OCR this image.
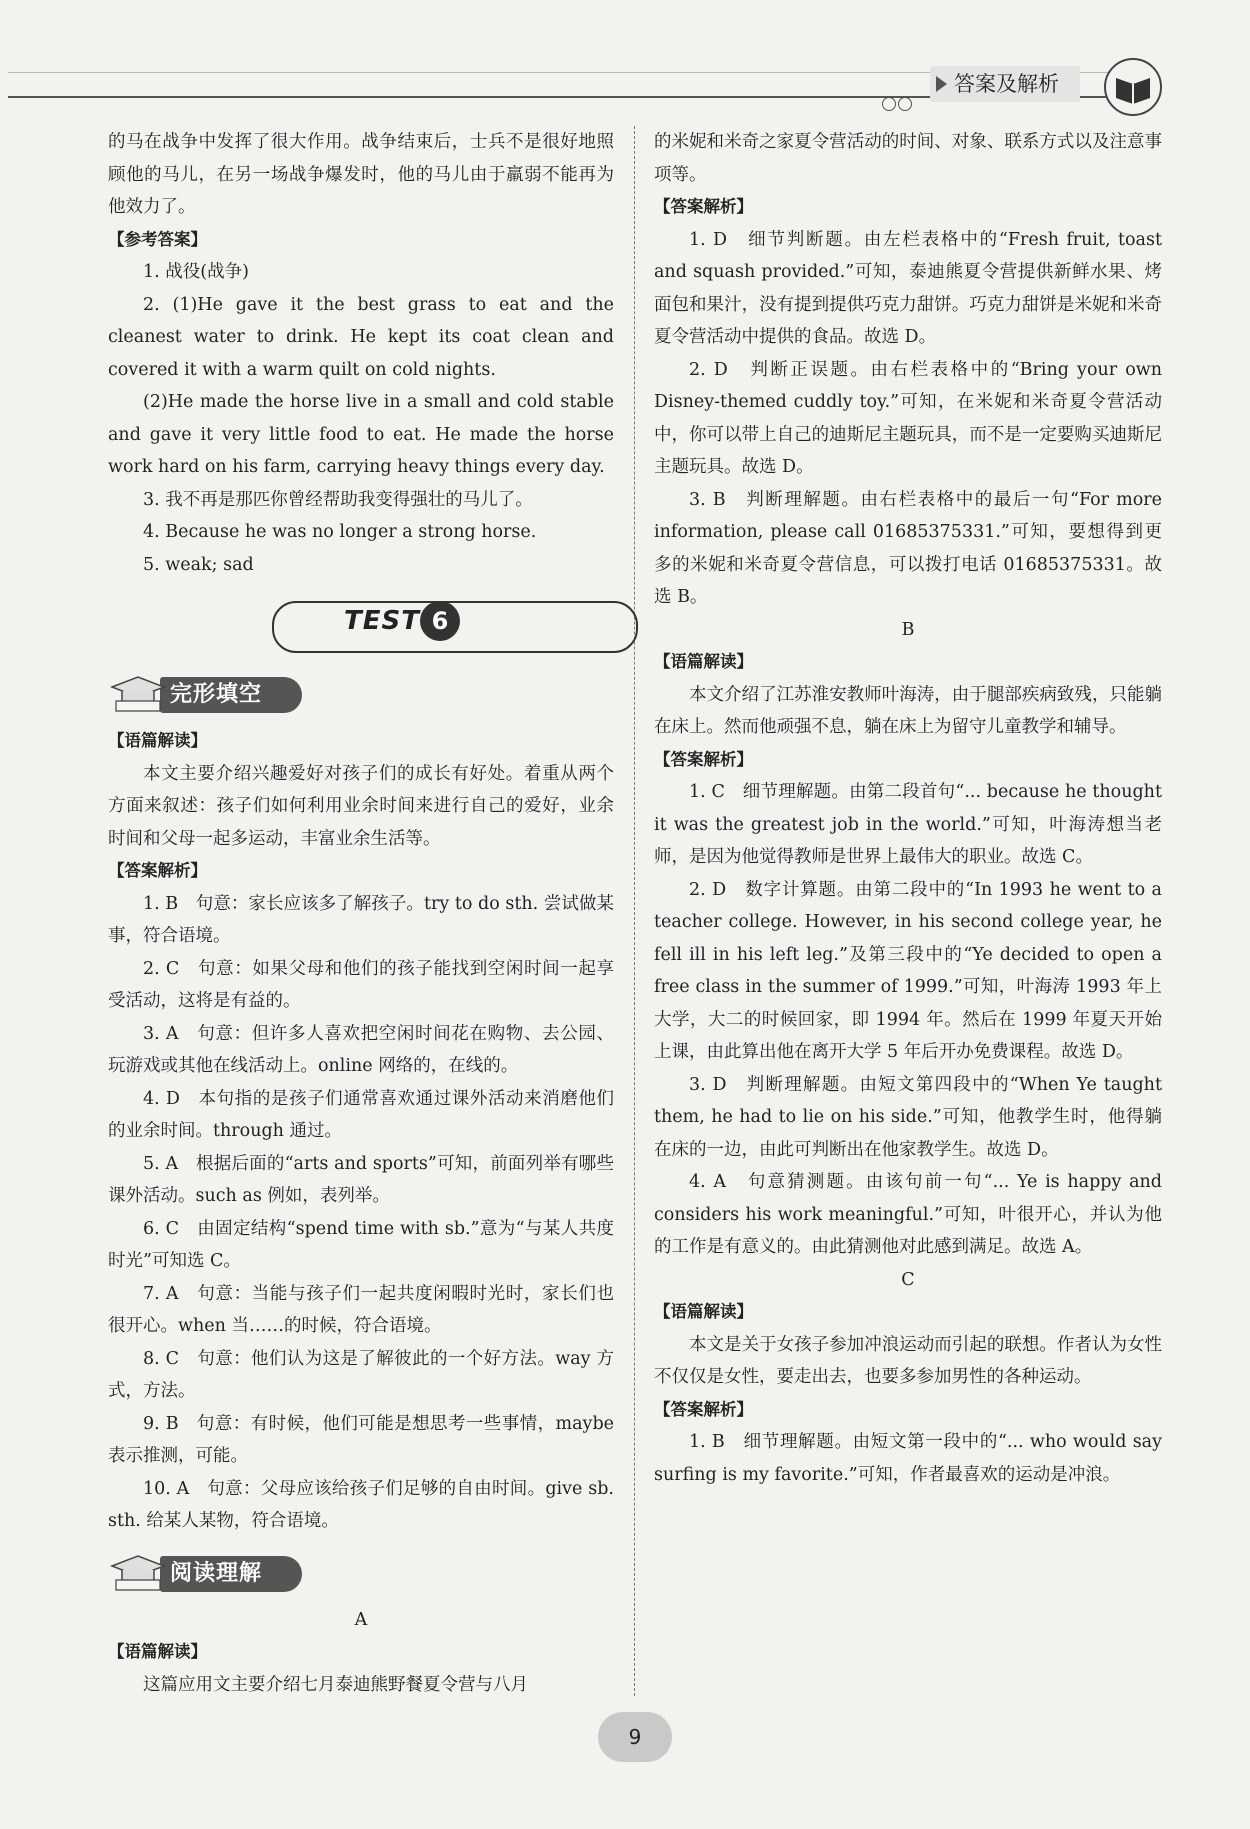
答案及解析

的马在战争中发挥了很大作用。战争结束后，士兵不是很好地照顾他的马儿，在另一场战争爆发时，他的马儿由于羸弱不能再为他效力了。

【参考答案】

1. 战役(战争)

2. (1)He gave it the best grass to eat and the cleanest water to drink. He kept its coat clean and covered it with a warm quilt on cold nights.

(2)He made the horse live in a small and cold stable and gave it very little food to eat. He made the horse work hard on his farm, carrying heavy things every day.

3. 我不再是那匹你曾经帮助我变得强壮的马儿了。

4. Because he was no longer a strong horse.

5. weak; sad

TEST 6
完形填空

【语篇解读】

本文主要介绍兴趣爱好对孩子们的成长有好处。着重从两个方面来叙述：孩子们如何利用业余时间来进行自己的爱好，业余时间和父母一起多运动，丰富业余生活等。

【答案解析】

1. B　句意：家长应该多了解孩子。try to do sth. 尝试做某事，符合语境。

2. C　句意：如果父母和他们的孩子能找到空闲时间一起享受活动，这将是有益的。

3. A　句意：但许多人喜欢把空闲时间花在购物、去公园、玩游戏或其他在线活动上。online 网络的，在线的。

4. D　本句指的是孩子们通常喜欢通过课外活动来消磨他们的业余时间。through 通过。

5. A　根据后面的“arts and sports”可知，前面列举有哪些课外活动。such as 例如，表列举。

6. C　由固定结构“spend time with sb.”意为“与某人共度时光”可知选 C。

7. A　句意：当能与孩子们一起共度闲暇时光时，家长们也很开心。when 当……的时候，符合语境。

8. C　句意：他们认为这是了解彼此的一个好方法。way 方式，方法。

9. B　句意：有时候，他们可能是想思考一些事情，maybe 表示推测，可能。

10. A　句意：父母应该给孩子们足够的自由时间。give sb. sth. 给某人某物，符合语境。

阅读理解

A

【语篇解读】

这篇应用文主要介绍七月泰迪熊野餐夏令营与八月

的米妮和米奇之家夏令营活动的时间、对象、联系方式以及注意事项等。

【答案解析】

1. D　细节判断题。由左栏表格中的“Fresh fruit, toast and squash provided.”可知，泰迪熊夏令营提供新鲜水果、烤面包和果汁，没有提到提供巧克力甜饼。巧克力甜饼是米妮和米奇夏令营活动中提供的食品。故选 D。

2. D　判断正误题。由右栏表格中的“Bring your own Disney-themed cuddly toy.”可知，在米妮和米奇夏令营活动中，你可以带上自己的迪斯尼主题玩具，而不是一定要购买迪斯尼主题玩具。故选 D。

3. B　判断理解题。由右栏表格中的最后一句“For more information, please call 01685375331.”可知，要想得到更多的米妮和米奇夏令营信息，可以拨打电话 01685375331。故选 B。

B

【语篇解读】

本文介绍了江苏淮安教师叶海涛，由于腿部疾病致残，只能躺在床上。然而他顽强不息，躺在床上为留守儿童教学和辅导。

【答案解析】

1. C　细节理解题。由第二段首句“... because he thought it was the greatest job in the world.”可知，叶海涛想当老师，是因为他觉得教师是世界上最伟大的职业。故选 C。

2. D　数字计算题。由第二段中的“In 1993 he went to a teacher college. However, in his second college year, he fell ill in his left leg.”及第三段中的“Ye decided to open a free class in the summer of 1999.”可知，叶海涛 1993 年上大学，大二的时候回家，即 1994 年。然后在 1999 年夏天开始上课，由此算出他在离开大学 5 年后开办免费课程。故选 D。

3. D　判断理解题。由短文第四段中的“When Ye taught them, he had to lie on his side.”可知，他教学生时，他得躺在床的一边，由此可判断出在他家教学生。故选 D。

4. A　句意猜测题。由该句前一句“... Ye is happy and considers his work meaningful.”可知，叶很开心，并认为他的工作是有意义的。由此猜测他对此感到满足。故选 A。

C

【语篇解读】

本文是关于女孩子参加冲浪运动而引起的联想。作者认为女性不仅仅是女性，要走出去，也要多参加男性的各种运动。

【答案解析】

1. B　细节理解题。由短文第一段中的“... who would say surfing is my favorite.”可知，作者最喜欢的运动是冲浪。

9
